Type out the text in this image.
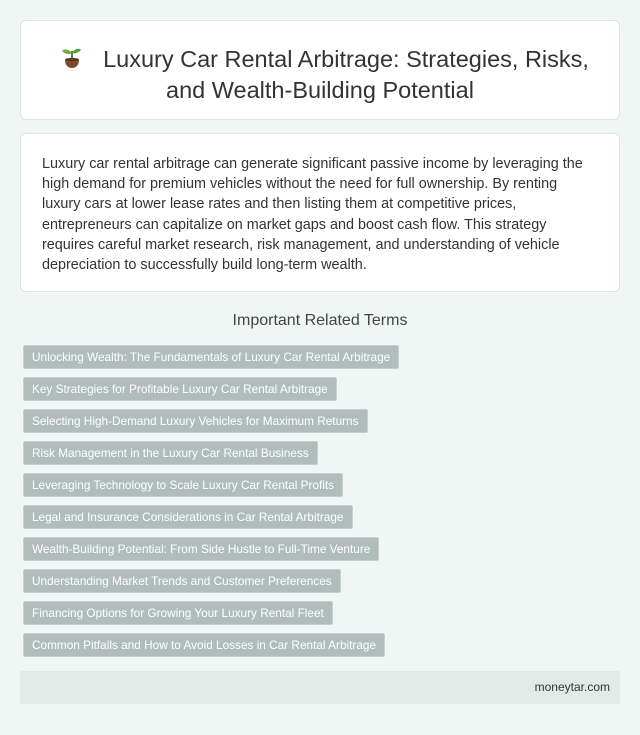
Luxury Car Rental Arbitrage: Strategies, Risks,
and Wealth-Building Potential
Luxury car rental arbitrage can generate significant passive income by leveraging the
high demand for premium vehicles without the need for full ownership. By renting
luxury cars at lower lease rates and then listing them at competitive prices,
entrepreneurs can capitalize on market gaps and boost cash flow. This strategy
requires careful market research, risk management, and understanding of vehicle
depreciation to successfully build long-term wealth.
Important Related Terms
Unlocking Wealth: The Fundamentals of Luxury Car Rental Arbitrage
Key Strategies for Profitable Luxury Car Rental Arbitrage
Selecting High-Demand Luxury Vehicles for Maximum Returns
Risk Management in the Luxury Car Rental Business
Leveraging Technology to Scale Luxury Car Rental Profits
Legal and Insurance Considerations in Car Rental Arbitrage
Wealth-Building Potential: From Side Hustle to Full-Time Venture
Understanding Market Trends and Customer Preferences
Financing Options for Growing Your Luxury Rental Fleet
Common Pitfalls and How to Avoid Losses in Car Rental Arbitrage
moneytar.com
